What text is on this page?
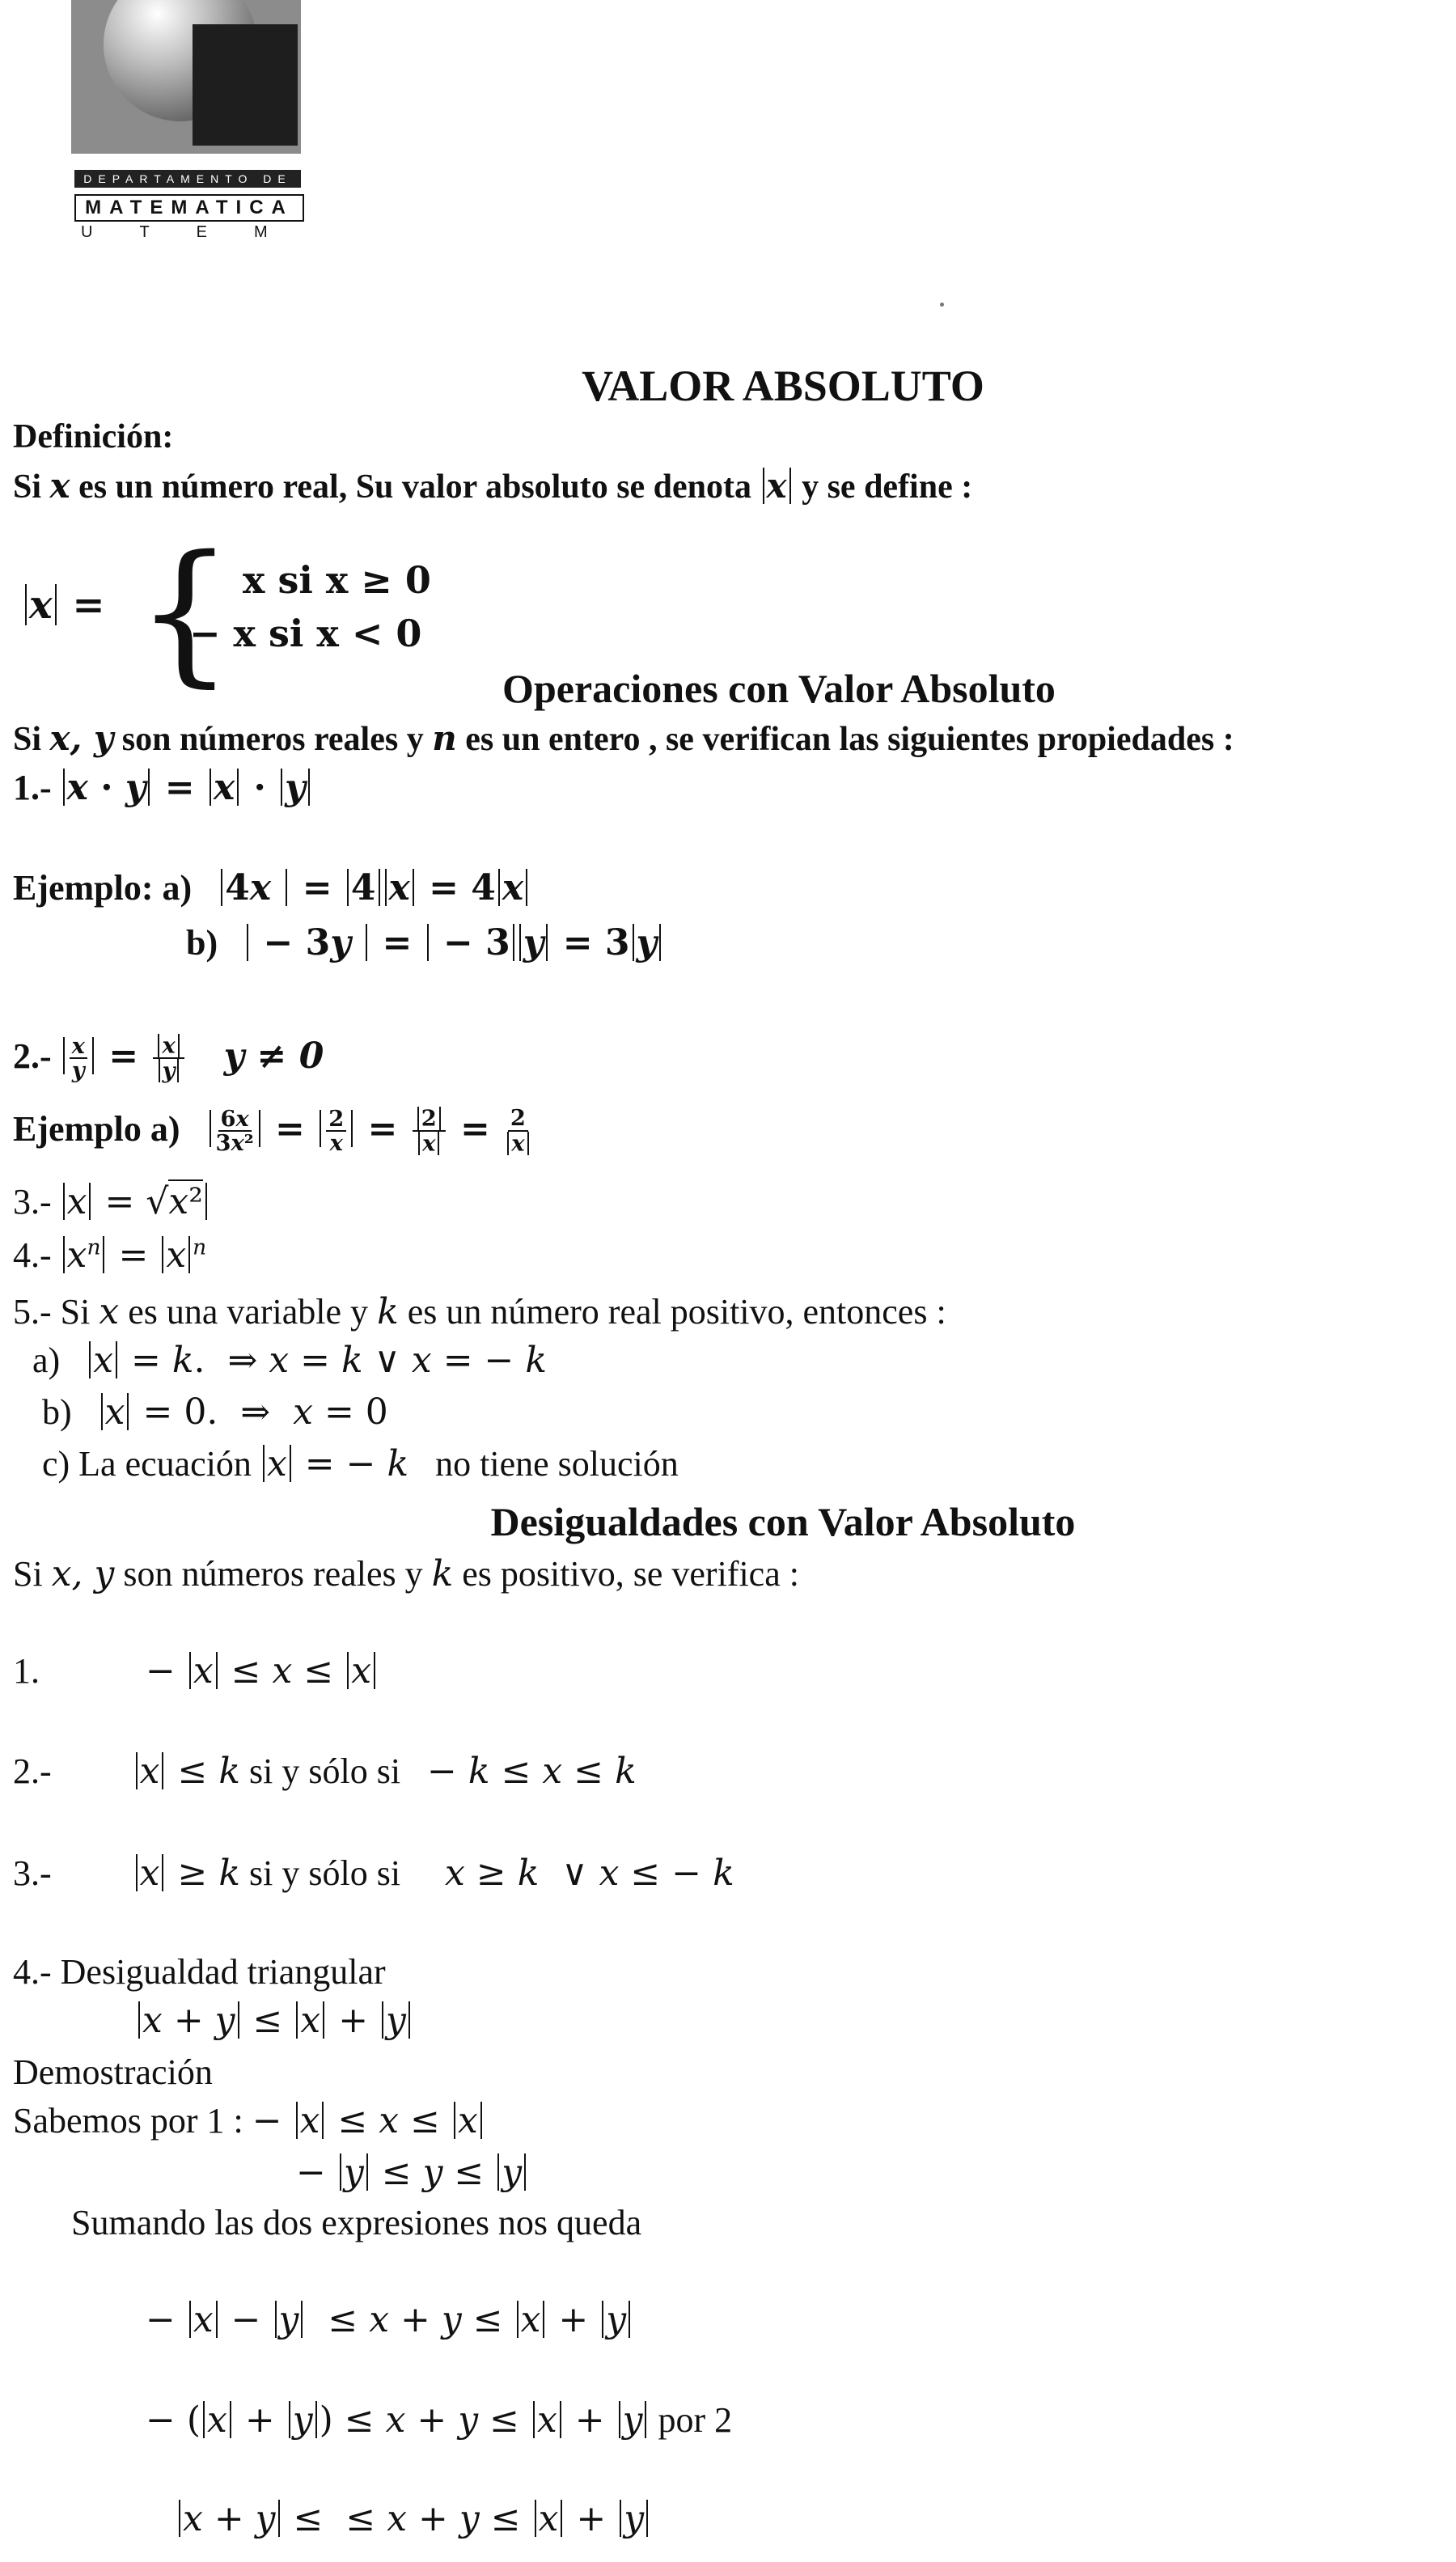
DEPARTAMENTO DE
MATEMATICA
UTEM
VALOR ABSOLUTO
Definición:
Si x es un número real, Su valor absoluto se denota x y se define :
x = { x si x ≥ 0
− x si x < 0
Operaciones con Valor Absoluto
Si x, y son números reales y n es un entero , se verifican las siguientes propiedades :
1.- x · y = x · y
Ejemplo: a) 4x  = 4 x = 4 x
b)    − 3y  =  − 3 y = 3 y
$2.- \frac{x}{y} = \frac{x}{y}$ y ≠ 0
Ejemplo $a) \frac{6x}{\text{3x²}} = \frac{2}{x} = \frac{2}{x} = \frac{2}{x}$
3.- x = √x²
4.- $x^n = x$ $^n$
5.- Si x es una variable y k es un número real positivo, entonces :
a) x = k.  ⇒ x = k ∨ x = − k
b) x = 0.  ⇒  x = 0
c) La ecuación x = − k no tiene solución
Desigualdades con Valor Absoluto
Si x, y son números reales y k es positivo, se verifica :
1.	− x ≤ x ≤ x
2.- x ≤ k si y sólo si − k ≤ x ≤ k
3.- x ≥ k si y sólo si x ≥ k  ∨ x ≤ − k
4.- Desigualdad triangular
x + y ≤ x + y
Demostración
Sabemos por 1 : − x ≤ x ≤ x
− y ≤ y ≤ y
Sumando las dos expresiones nos queda
− x − y  ≤ x + y ≤ x + y
− ( x + y ) ≤ x + y ≤ x + y por 2
x + y ≤  ≤ x + y ≤ x + y
